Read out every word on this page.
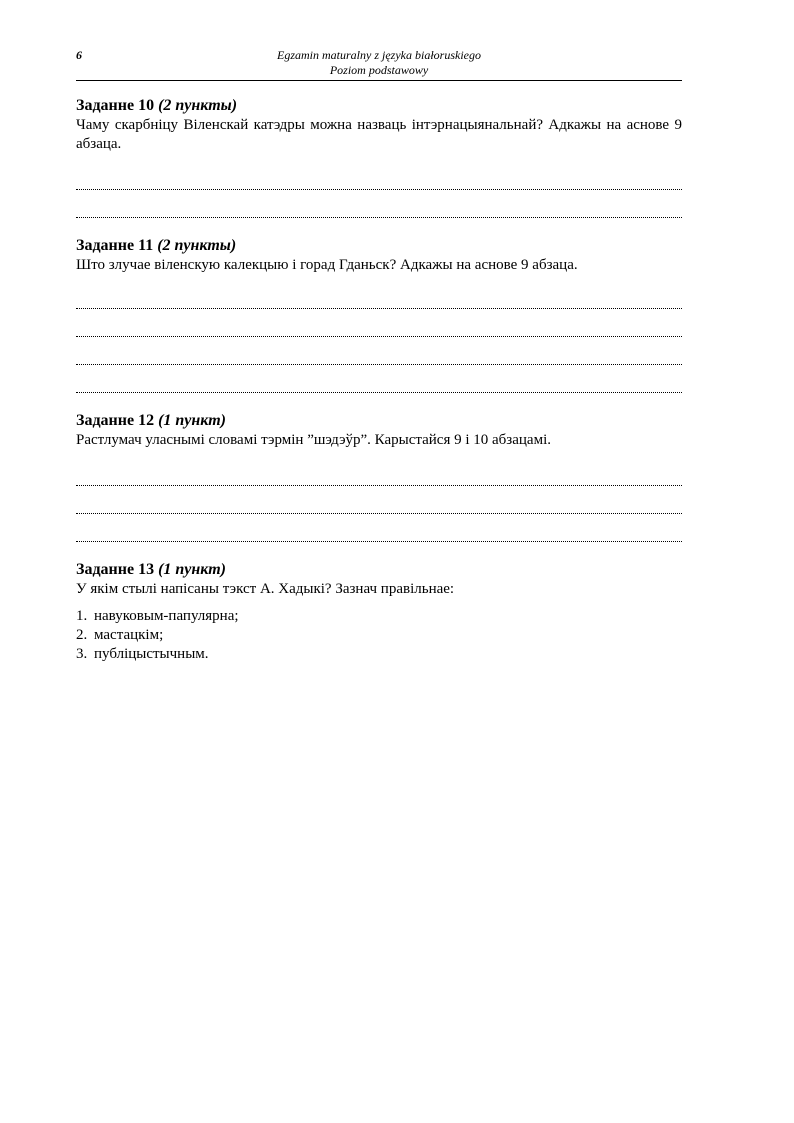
6	Egzamin maturalny z języka białoruskiego
Poziom podstawowy

Заданне 10 (2 пункты)

Чаму скарбніцу Віленскай катэдры можна назваць інтэрнацыянальнай? Адкажы на аснове 9 абзаца.

Заданне 11 (2 пункты)

Што злучае віленскую калекцыю і горад Гданьск? Адкажы на аснове 9 абзаца.

Заданне 12 (1 пункт)

Растлумач уласнымі словамі тэрмін ”шэдэўр”. Карыстайся 9 і 10 абзацамі.

Заданне 13 (1 пункт)

У якім стылі напісаны тэкст А. Хадыкі? Зазнач правільнае:

1. навуковым-папулярна;
2. мастацкім;
3. публіцыстычным.
